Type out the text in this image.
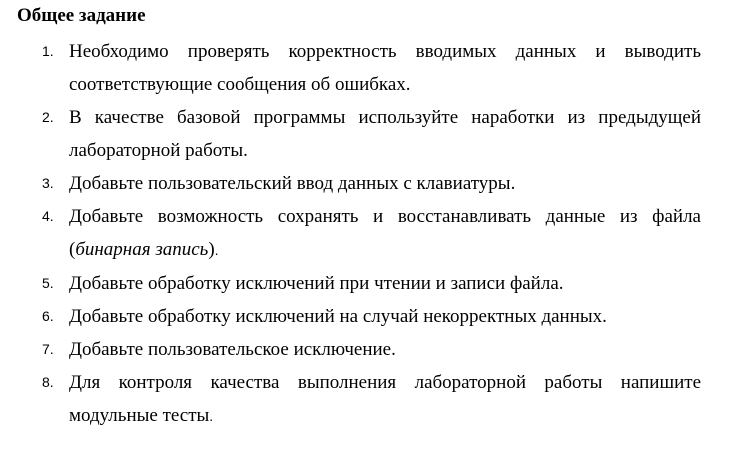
Общее задание
1. Необходимо проверять корректность вводимых данных и выводить соответствующие сообщения об ошибках.
2. В качестве базовой программы используйте наработки из предыдущей лабораторной работы.
3. Добавьте пользовательский ввод данных с клавиатуры.
4. Добавьте возможность сохранять и восстанавливать данные из файла (бинарная запись).
5. Добавьте обработку исключений при чтении и записи файла.
6. Добавьте обработку исключений на случай некорректных данных.
7. Добавьте пользовательское исключение.
8. Для контроля качества выполнения лабораторной работы напишите модульные тесты.
